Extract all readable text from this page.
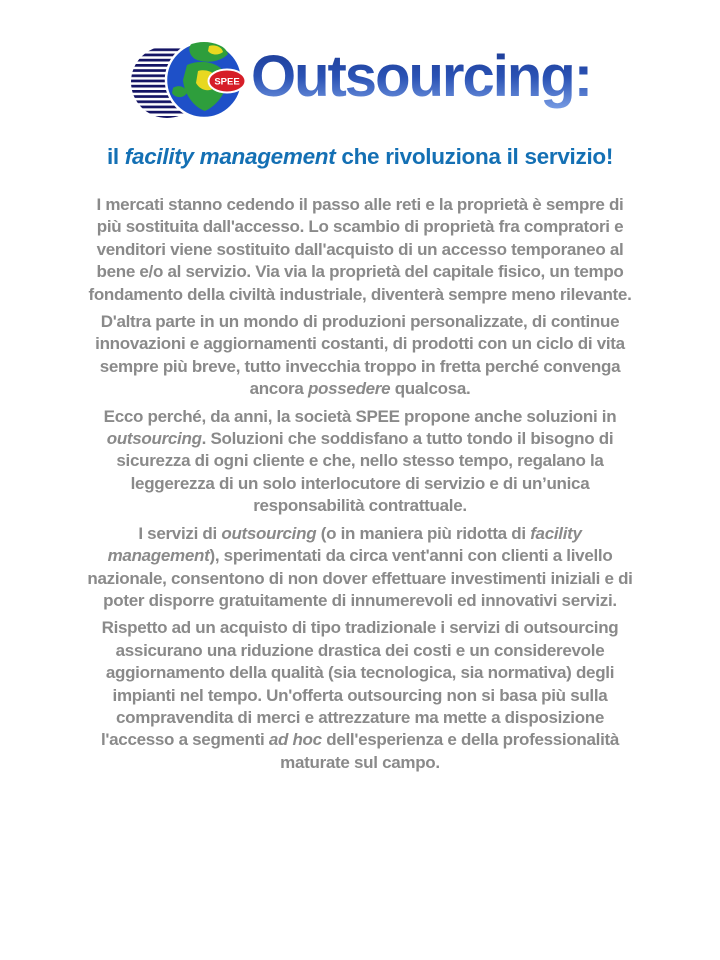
SPEE Outsourcing:
il facility management che rivoluziona il servizio!

I mercati stanno cedendo il passo alle reti e la proprietà è sempre di più sostituita dall'accesso. Lo scambio di proprietà fra compratori e venditori viene sostituito dall'acquisto di un accesso temporaneo al bene e/o al servizio. Via via la proprietà del capitale fisico, un tempo fondamento della civiltà industriale, diventerà sempre meno rilevante.

D'altra parte in un mondo di produzioni personalizzate, di continue innovazioni e aggiornamenti costanti, di prodotti con un ciclo di vita sempre più breve, tutto invecchia troppo in fretta perché convenga ancora possedere qualcosa.

Ecco perché, da anni, la società SPEE propone anche soluzioni in outsourcing. Soluzioni che soddisfano a tutto tondo il bisogno di sicurezza di ogni cliente e che, nello stesso tempo, regalano la leggerezza di un solo interlocutore di servizio e di un’unica responsabilità contrattuale.

I servizi di outsourcing (o in maniera più ridotta di facility management), sperimentati da circa vent'anni con clienti a livello nazionale, consentono di non dover effettuare investimenti iniziali e di poter disporre gratuitamente di innumerevoli ed innovativi servizi.

Rispetto ad un acquisto di tipo tradizionale i servizi di outsourcing assicurano una riduzione drastica dei costi e un considerevole aggiornamento della qualità (sia tecnologica, sia normativa) degli impianti nel tempo. Un'offerta outsourcing non si basa più sulla compravendita di merci e attrezzature ma mette a disposizione l'accesso a segmenti ad hoc dell'esperienza e della professionalità maturate sul campo.
